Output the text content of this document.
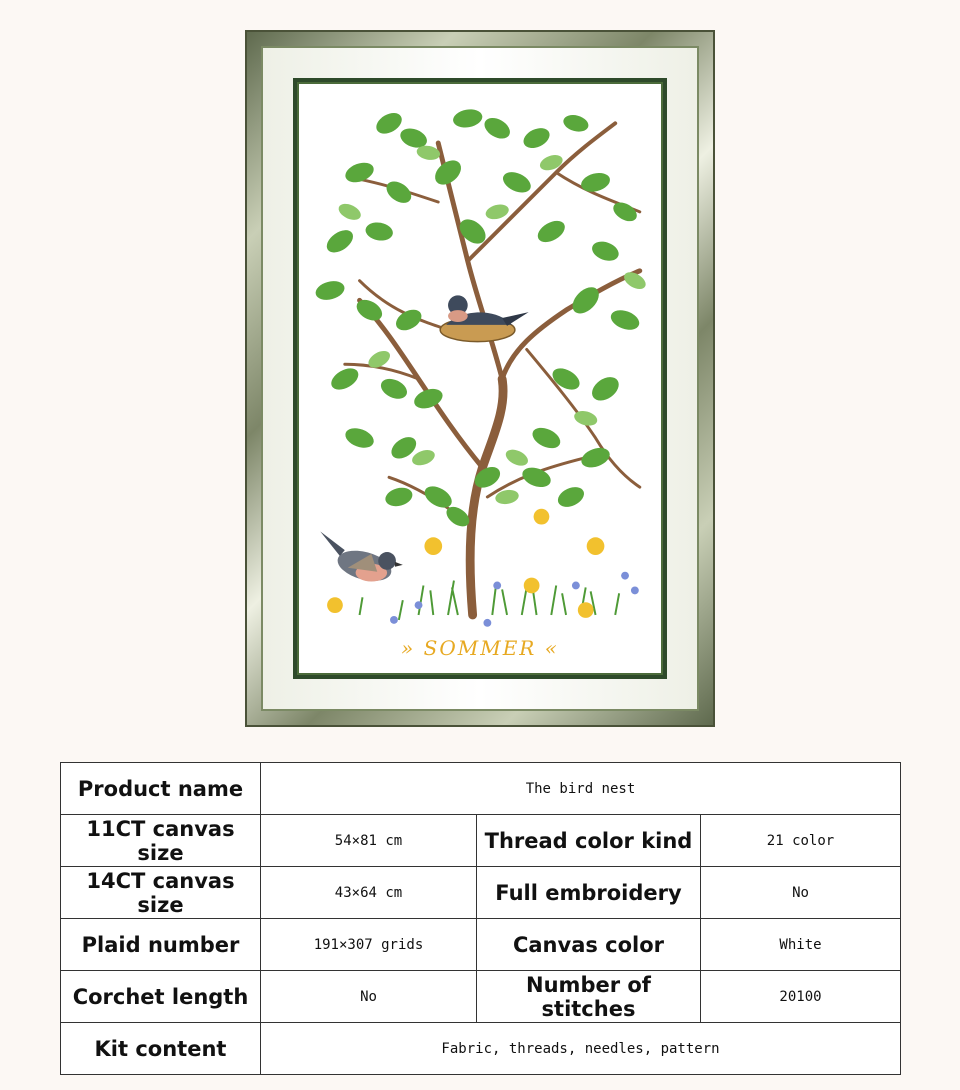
» SOMMER «
Product name	The bird nest		
11CT canvas size	54×81 cm	Thread color kind	21 color
14CT canvas size	43×64 cm	Full embroidery	No
Plaid number	191×307 grids	Canvas color	White
Corchet length	No	Number of stitches	20100
Kit content	Fabric, threads, needles, pattern		
